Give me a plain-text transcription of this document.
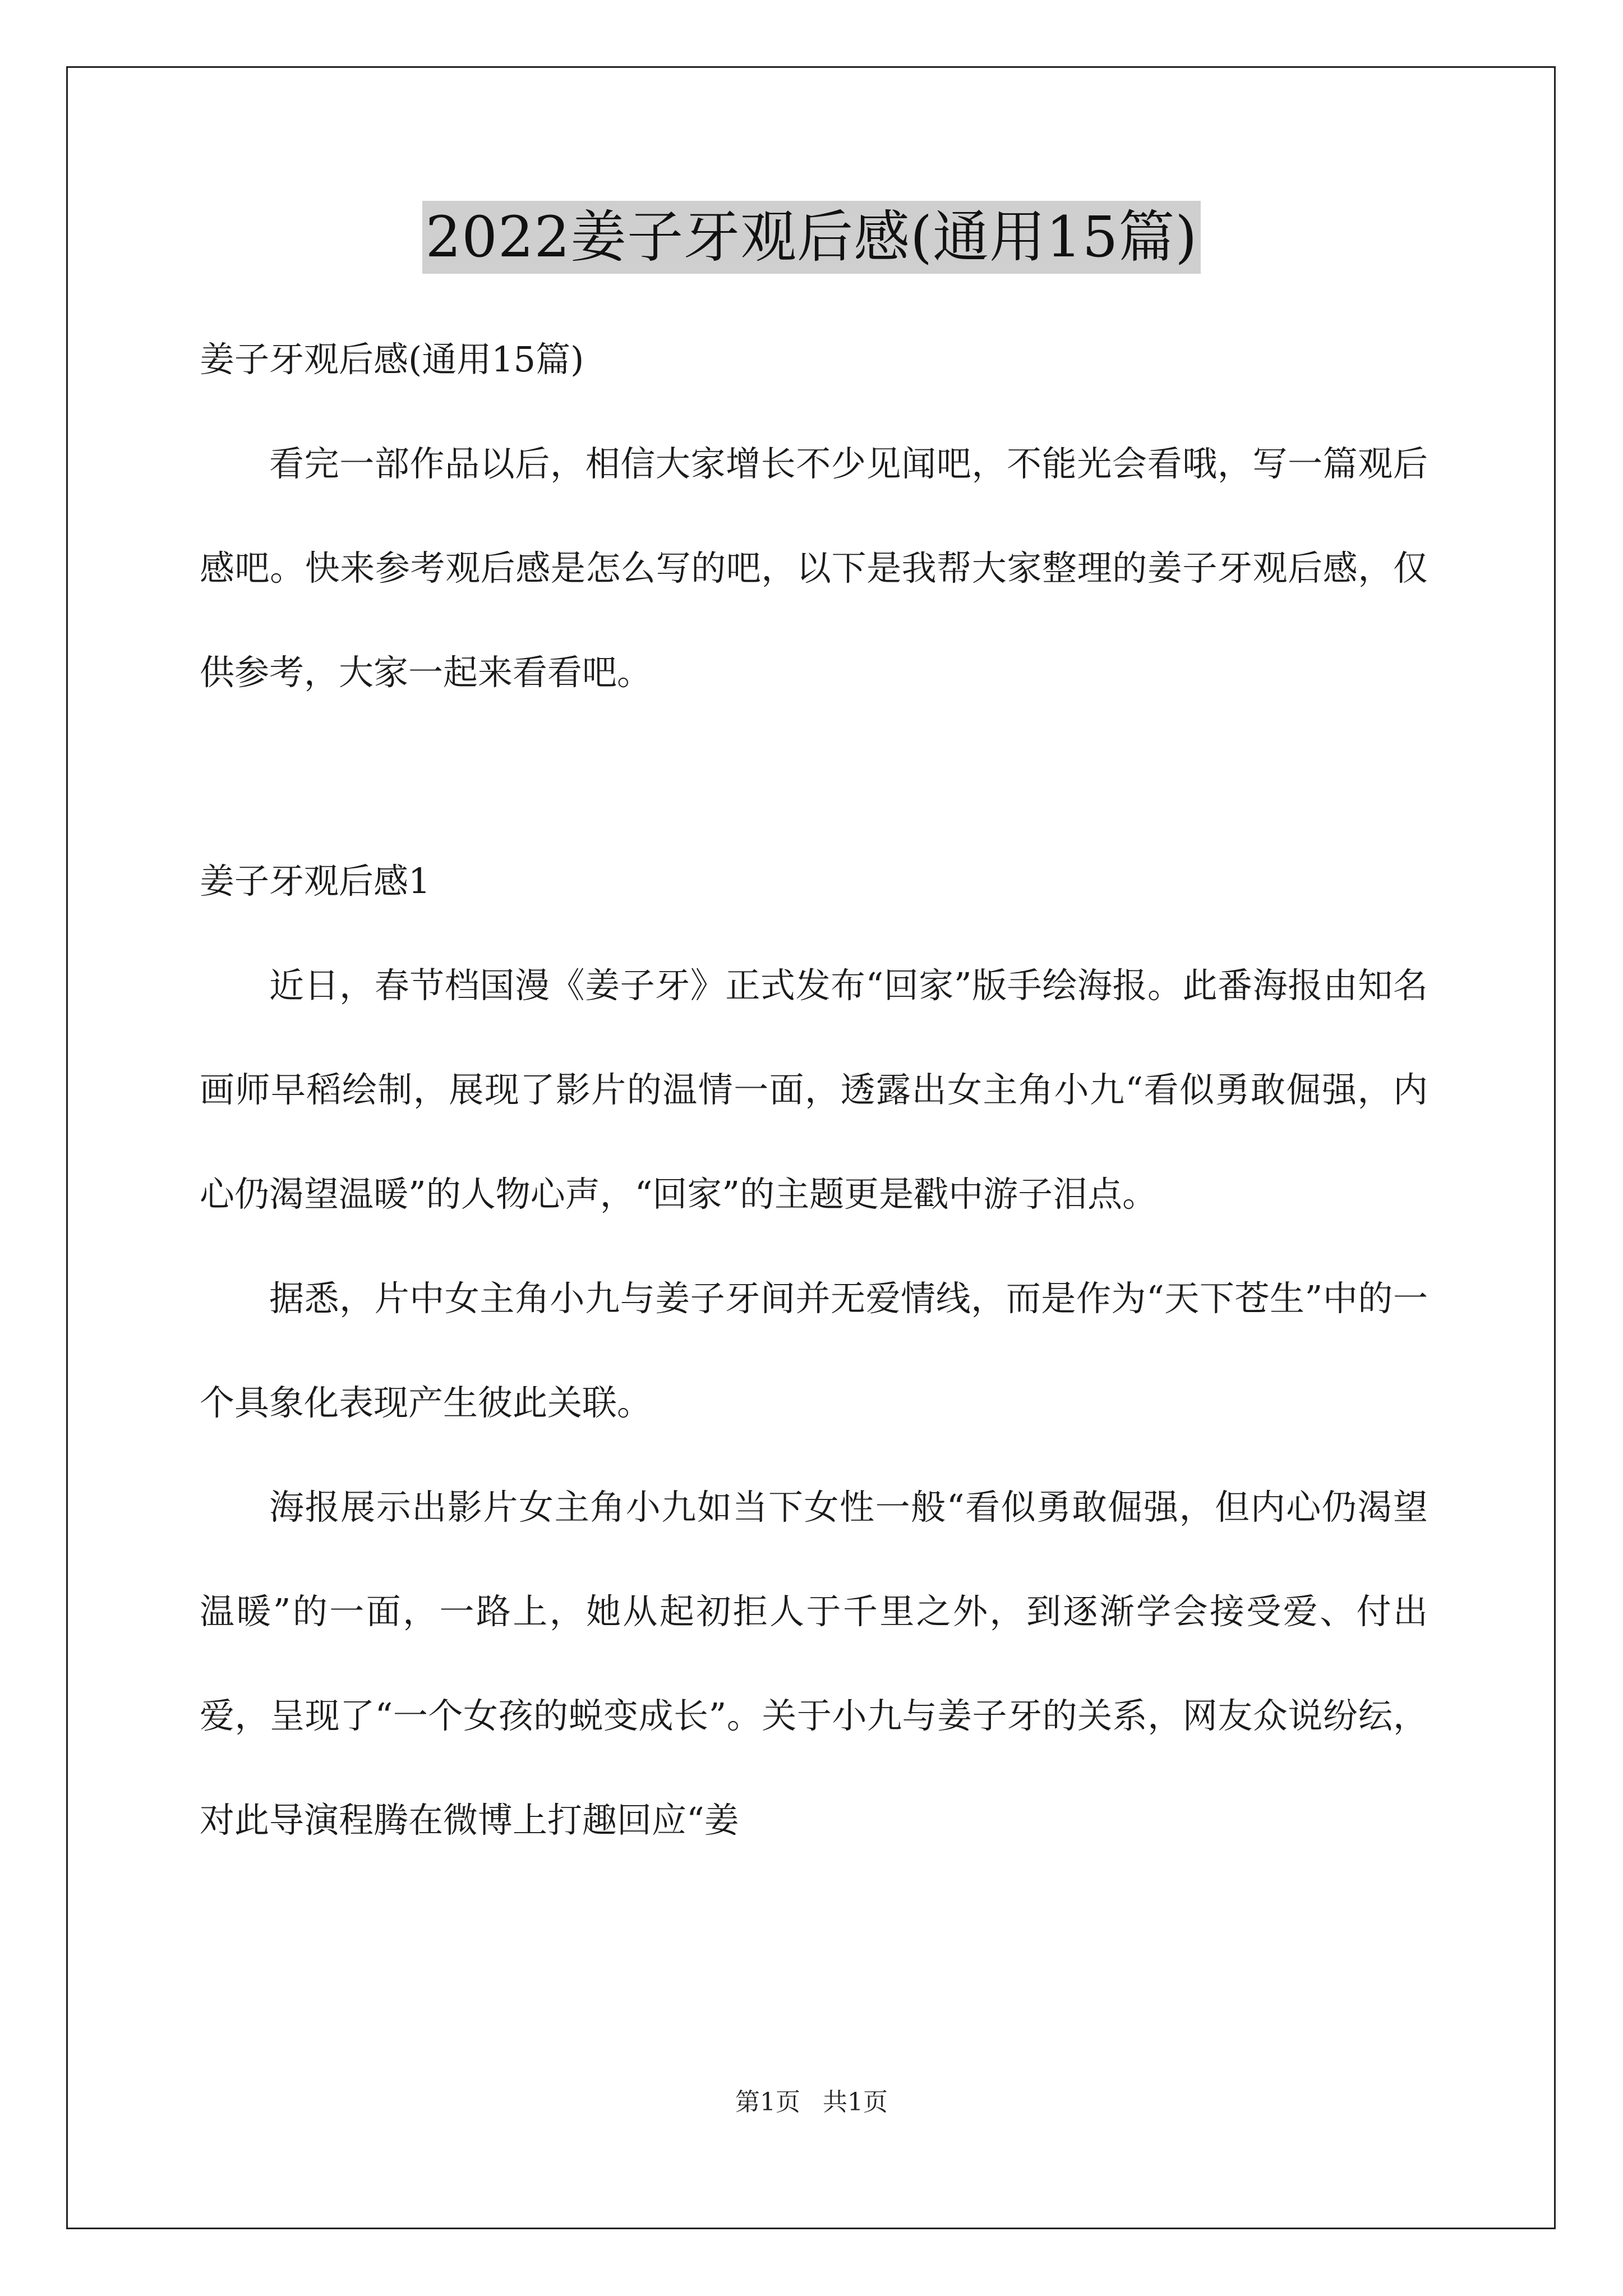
2022姜子牙观后感(通用15篇)

姜子牙观后感(通用15篇)

看完一部作品以后，相信大家增长不少见闻吧，不能光会看哦，写一篇观后感吧。快来参考观后感是怎么写的吧，以下是我帮大家整理的姜子牙观后感，仅供参考，大家一起来看看吧。

姜子牙观后感1

近日，春节档国漫《姜子牙》正式发布“回家”版手绘海报。此番海报由知名画师早稻绘制，展现了影片的温情一面，透露出女主角小九“看似勇敢倔强，内心仍渴望温暖”的人物心声，“回家”的主题更是戳中游子泪点。

据悉，片中女主角小九与姜子牙间并无爱情线，而是作为“天下苍生”中的一个具象化表现产生彼此关联。

海报展示出影片女主角小九如当下女性一般“看似勇敢倔强，但内心仍渴望温暖”的一面，一路上，她从起初拒人于千里之外，到逐渐学会接受爱、付出爱，呈现了“一个女孩的蜕变成长”。关于小九与姜子牙的关系，网友众说纷纭，对此导演程腾在微博上打趣回应“姜

第1页 共1页
